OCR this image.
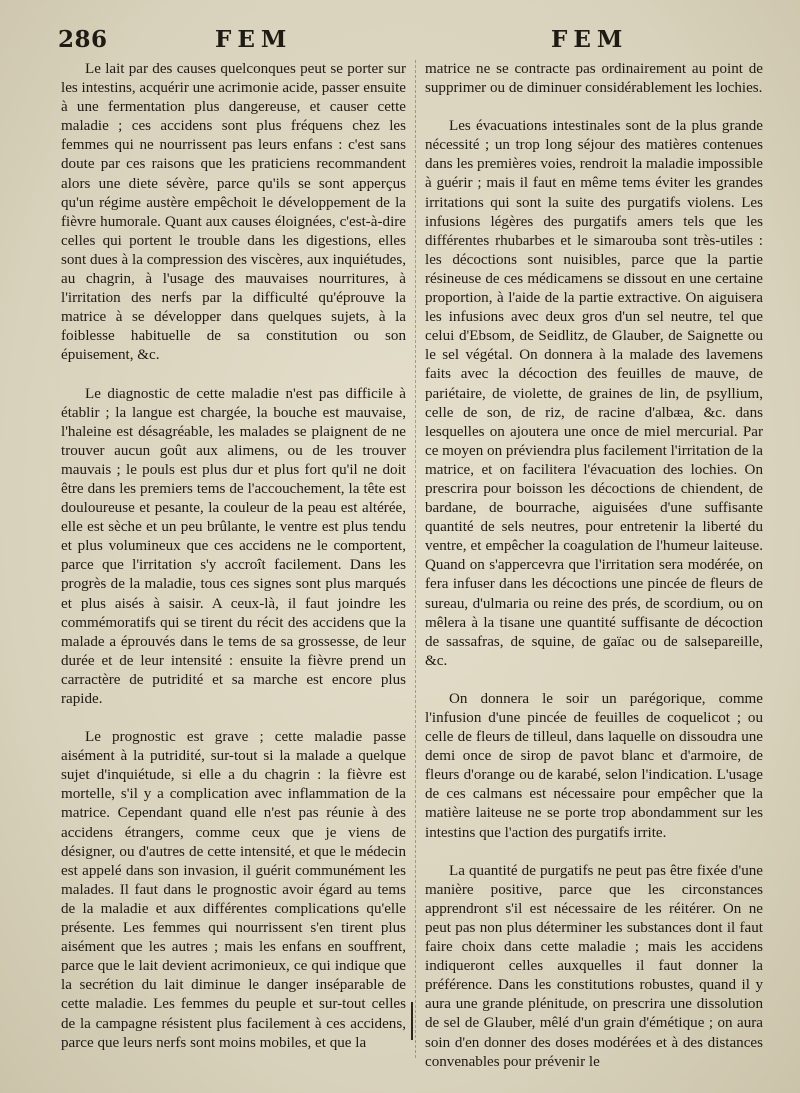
286	FEM	FEM

Le lait par des causes quelconques peut se porter sur les intestins, acquérir une acrimonie acide, passer ensuite à une fermentation plus dangereuse, et causer cette maladie ; ces accidens sont plus fréquens chez les femmes qui ne nourrissent pas leurs enfans : c'est sans doute par ces raisons que les praticiens recommandent alors une diete sévère, parce qu'ils se sont apperçus qu'un régime austère empêchoit le développement de la fièvre humorale. Quant aux causes éloignées, c'est-à-dire celles qui portent le trouble dans les digestions, elles sont dues à la compression des viscères, aux inquiétudes, au chagrin, à l'usage des mauvaises nourritures, à l'irritation des nerfs par la difficulté qu'éprouve la matrice à se développer dans quelques sujets, à la foiblesse habituelle de sa constitution ou son épuisement, &c.

Le diagnostic de cette maladie n'est pas difficile à établir ; la langue est chargée, la bouche est mauvaise, l'haleine est désagréable, les malades se plaignent de ne trouver aucun goût aux alimens, ou de les trouver mauvais ; le pouls est plus dur et plus fort qu'il ne doit être dans les premiers tems de l'accouchement, la tête est douloureuse et pesante, la couleur de la peau est altérée, elle est sèche et un peu brûlante, le ventre est plus tendu et plus volumineux que ces accidens ne le comportent, parce que l'irritation s'y accroît facilement. Dans les progrès de la maladie, tous ces signes sont plus marqués et plus aisés à saisir. A ceux-là, il faut joindre les commémoratifs qui se tirent du récit des accidens que la malade a éprouvés dans le tems de sa grossesse, de leur durée et de leur intensité : ensuite la fièvre prend un carractère de putridité et sa marche est encore plus rapide.

Le prognostic est grave ; cette maladie passe aisément à la putridité, sur-tout si la malade a quelque sujet d'inquiétude, si elle a du chagrin : la fièvre est mortelle, s'il y a complication avec inflammation de la matrice. Cependant quand elle n'est pas réunie à des accidens étrangers, comme ceux que je viens de désigner, ou d'autres de cette intensité, et que le médecin est appelé dans son invasion, il guérit communément les malades. Il faut dans le prognostic avoir égard au tems de la maladie et aux différentes complications qu'elle présente. Les femmes qui nourrissent s'en tirent plus aisément que les autres ; mais les enfans en souffrent, parce que le lait devient acrimonieux, ce qui indique que la secrétion du lait diminue le danger inséparable de cette maladie. Les femmes du peuple et sur-tout celles de la campagne résistent plus facilement à ces accidens, parce que leurs nerfs sont moins mobiles, et que la

matrice ne se contracte pas ordinairement au point de supprimer ou de diminuer considérablement les lochies.

Les évacuations intestinales sont de la plus grande nécessité ; un trop long séjour des matières contenues dans les premières voies, rendroit la maladie impossible à guérir ; mais il faut en même tems éviter les grandes irritations qui sont la suite des purgatifs violens. Les infusions légères des purgatifs amers tels que les différentes rhubarbes et le simarouba sont très-utiles : les décoctions sont nuisibles, parce que la partie résineuse de ces médicamens se dissout en une certaine proportion, à l'aide de la partie extractive. On aiguisera les infusions avec deux gros d'un sel neutre, tel que celui d'Ebsom, de Seidlitz, de Glauber, de Saignette ou le sel végétal. On donnera à la malade des lavemens faits avec la décoction des feuilles de mauve, de pariétaire, de violette, de graines de lin, de psyllium, celle de son, de riz, de racine d'albæa, &c. dans lesquelles on ajoutera une once de miel mercurial. Par ce moyen on préviendra plus facilement l'irritation de la matrice, et on facilitera l'évacuation des lochies. On prescrira pour boisson les décoctions de chiendent, de bardane, de bourrache, aiguisées d'une suffisante quantité de sels neutres, pour entretenir la liberté du ventre, et empêcher la coagulation de l'humeur laiteuse. Quand on s'appercevra que l'irritation sera modérée, on fera infuser dans les décoctions une pincée de fleurs de sureau, d'ulmaria ou reine des prés, de scordium, ou on mêlera à la tisane une quantité suffisante de décoction de sassafras, de squine, de gaïac ou de salsepareille, &c.

On donnera le soir un parégorique, comme l'infusion d'une pincée de feuilles de coquelicot ; ou celle de fleurs de tilleul, dans laquelle on dissoudra une demi once de sirop de pavot blanc et d'armoire, de fleurs d'orange ou de karabé, selon l'indication. L'usage de ces calmans est nécessaire pour empêcher que la matière laiteuse ne se porte trop abondamment sur les intestins que l'action des purgatifs irrite.

La quantité de purgatifs ne peut pas être fixée d'une manière positive, parce que les circonstances apprendront s'il est nécessaire de les réitérer. On ne peut pas non plus déterminer les substances dont il faut faire choix dans cette maladie ; mais les accidens indiqueront celles auxquelles il faut donner la préférence. Dans les constitutions robustes, quand il y aura une grande plénitude, on prescrira une dissolution de sel de Glauber, mêlé d'un grain d'émétique ; on aura soin d'en donner des doses modérées et à des distances convenables pour prévenir le
